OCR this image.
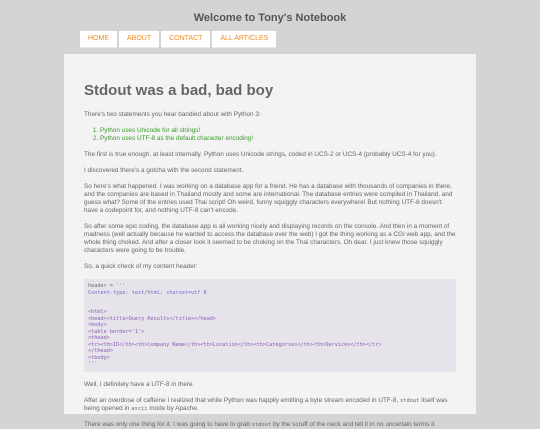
Welcome to Tony's Notebook
HOME	ABOUT	CONTACT	ALL ARTICLES
Stdout was a bad, bad boy

There's two statements you hear bandied about with Python 3:

1. Python uses Unicode for all strings!
2. Python uses UTF-8 as the default character encoding!

The first is true enough, at least internally. Python uses Unicode strings, coded in UCS-2 or UCS-4 (probably UCS-4 for you).

I discovered there's a gotcha with the second statement.

So here's what happened. I was working on a database app for a friend. He has a database with thousands of companies in there, and the companies are based in Thailand mostly and some are international. The database entries were compiled in Thailand, and guess what? Some of the entries used Thai script! Oh weird, funny squiggly characters everywhere! But nothing UTF-8 doesn't have a codepoint for, and nothing UTF-8 can't encode.

So after some epic coding, the database app is all working nicely and displaying records on the console. And then in a moment of madness (well actually because he wanted to access the database over the web) I got the thing working as a CGI web app, and the whole thing choked. And after a closer look it seemed to be choking on the Thai characters. Oh dear. I just knew those squiggly characters were going to be trouble.

So, a quick check of my content header:

header = '''
Content-type: text/html; charset=utf-8

<html>
<head><title>Query Results</title></head>
<body>
<table border='1'>
<thead>
<tr><th>ID</th><th>Company Name</th><th>Location</th><th>Categories</th><th>Services</th></tr>
</thead>
<tbody>
'''

Well, I definitely have a UTF-8 in there.

After an overdose of caffeine I realized that while Python was happily emitting a byte stream encoded in UTF-8, stdout itself was being opened in ascii mode by Apache.

There was only one thing for it. I was going to have to grab stdout by the scruff of the neck and tell it in no uncertain terms it
